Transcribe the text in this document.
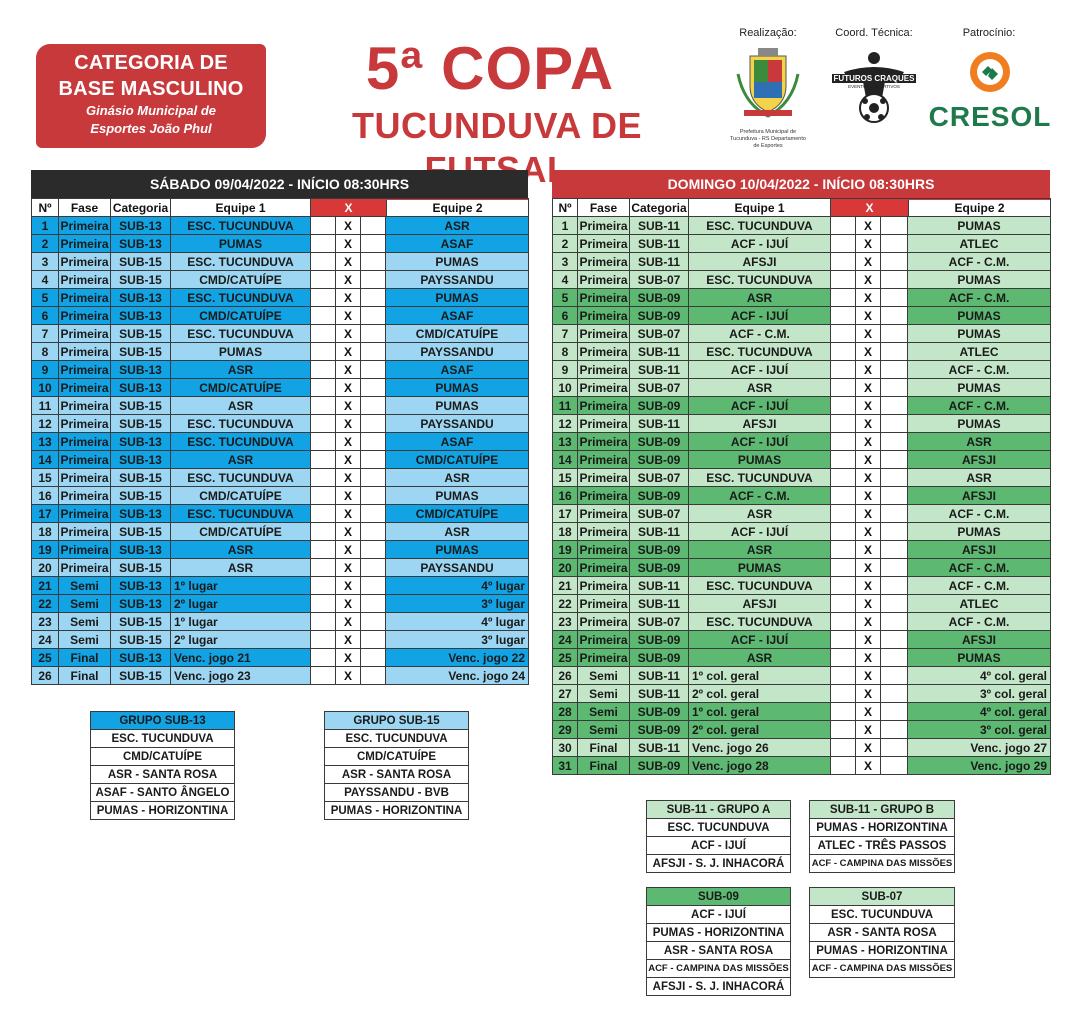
CATEGORIA DE
BASE MASCULINO
Ginásio Municipal de
Esportes João Phul
5ª COPA
TUCUNDUVA DE
Realização:
Prefeitura Municipal de Tucunduva - RS Departamento de Esportes
Coord. Técnica:
FUTUROS CRAQUES
EVENTOS ESPORTIVOS
Patrocínio:
CRESOL
SÁBADO 09/04/2022 - INÍCIO 08:30HRS
Nº	Fase	Categoria	Equipe 1	X Equipe 2			

1	Primeira	SUB-13	ESC. TUCUNDUVA		X		ASR
2	Primeira	SUB-13	PUMAS		X		ASAF
3	Primeira	SUB-15	ESC. TUCUNDUVA		X		PUMAS
4	Primeira	SUB-15	CMD/CATUÍPE		X		PAYSSANDU
5	Primeira	SUB-13	ESC. TUCUNDUVA		X		PUMAS
6	Primeira	SUB-13	CMD/CATUÍPE		X		ASAF
7	Primeira	SUB-15	ESC. TUCUNDUVA		X		CMD/CATUÍPE
8	Primeira	SUB-15	PUMAS		X		PAYSSANDU
9	Primeira	SUB-13	ASR		X		ASAF
10	Primeira	SUB-13	CMD/CATUÍPE		X		PUMAS
11	Primeira	SUB-15	ASR		X		PUMAS
12	Primeira	SUB-15	ESC. TUCUNDUVA		X		PAYSSANDU
13	Primeira	SUB-13	ESC. TUCUNDUVA		X		ASAF
14	Primeira	SUB-13	ASR		X		CMD/CATUÍPE
15	Primeira	SUB-15	ESC. TUCUNDUVA		X		ASR
16	Primeira	SUB-15	CMD/CATUÍPE		X		PUMAS
17	Primeira	SUB-13	ESC. TUCUNDUVA		X		CMD/CATUÍPE
18	Primeira	SUB-15	CMD/CATUÍPE		X		ASR
19	Primeira	SUB-13	ASR		X		PUMAS
20	Primeira	SUB-15	ASR		X		PAYSSANDU
21	Semi	SUB-13	1º lugar		X		4º lugar
22	Semi	SUB-13	2º lugar		X		3º lugar
23	Semi	SUB-15	1º lugar		X		4º lugar
24	Semi	SUB-15	2º lugar		X		3º lugar
25	Final	SUB-13	Venc. jogo 21		X		Venc. jogo 22
26	Final	SUB-15	Venc. jogo 23		X		Venc. jogo 24
DOMINGO 10/04/2022 - INÍCIO 08:30HRS
Nº	Fase	Categoria	Equipe 1	X Equipe 2			

1	Primeira	SUB-11	ESC. TUCUNDUVA		X		PUMAS
2	Primeira	SUB-11	ACF - IJUÍ		X		ATLEC
3	Primeira	SUB-11	AFSJI		X		ACF - C.M.
4	Primeira	SUB-07	ESC. TUCUNDUVA		X		PUMAS
5	Primeira	SUB-09	ASR		X		ACF - C.M.
6	Primeira	SUB-09	ACF - IJUÍ		X		PUMAS
7	Primeira	SUB-07	ACF - C.M.		X		PUMAS
8	Primeira	SUB-11	ESC. TUCUNDUVA		X		ATLEC
9	Primeira	SUB-11	ACF - IJUÍ		X		ACF - C.M.
10	Primeira	SUB-07	ASR		X		PUMAS
11	Primeira	SUB-09	ACF - IJUÍ		X		ACF - C.M.
12	Primeira	SUB-11	AFSJI		X		PUMAS
13	Primeira	SUB-09	ACF - IJUÍ		X		ASR
14	Primeira	SUB-09	PUMAS		X		AFSJI
15	Primeira	SUB-07	ESC. TUCUNDUVA		X		ASR
16	Primeira	SUB-09	ACF - C.M.		X		AFSJI
17	Primeira	SUB-07	ASR		X		ACF - C.M.
18	Primeira	SUB-11	ACF - IJUÍ		X		PUMAS
19	Primeira	SUB-09	ASR		X		AFSJI
20	Primeira	SUB-09	PUMAS		X		ACF - C.M.
21	Primeira	SUB-11	ESC. TUCUNDUVA		X		ACF - C.M.
22	Primeira	SUB-11	AFSJI		X		ATLEC
23	Primeira	SUB-07	ESC. TUCUNDUVA		X		ACF - C.M.
24	Primeira	SUB-09	ACF - IJUÍ		X		AFSJI
25	Primeira	SUB-09	ASR		X		PUMAS
26	Semi	SUB-11	1º col. geral		X		4º col. geral
27	Semi	SUB-11	2º col. geral		X		3º col. geral
28	Semi	SUB-09	1º col. geral		X		4º col. geral
29	Semi	SUB-09	2º col. geral		X		3º col. geral
30	Final	SUB-11	Venc. jogo 26		X		Venc. jogo 27
31	Final	SUB-09	Venc. jogo 28		X		Venc. jogo 29
GRUPO SUB-13
ESC. TUCUNDUVA
CMD/CATUÍPE
ASR - SANTA ROSA
ASAF - SANTO ÂNGELO
PUMAS - HORIZONTINA
GRUPO SUB-15
ESC. TUCUNDUVA
CMD/CATUÍPE
ASR - SANTA ROSA
PAYSSANDU - BVB
PUMAS - HORIZONTINA	SUB-11 - GRUPO A
ESC. TUCUNDUVA
ACF - IJUÍ
AFSJI - S. J. INHACORÁ
SUB-11 - GRUPO B
PUMAS - HORIZONTINA
ATLEC - TRÊS PASSOS
ACF - CAMPINA DAS MISSÕES
SUB-09
ACF - IJUÍ
PUMAS - HORIZONTINA
ASR - SANTA ROSA
ACF - CAMPINA DAS MISSÕES
AFSJI - S. J. INHACORÁ
SUB-07
ESC. TUCUNDUVA
ASR - SANTA ROSA
PUMAS - HORIZONTINA
ACF - CAMPINA DAS MISSÕES
